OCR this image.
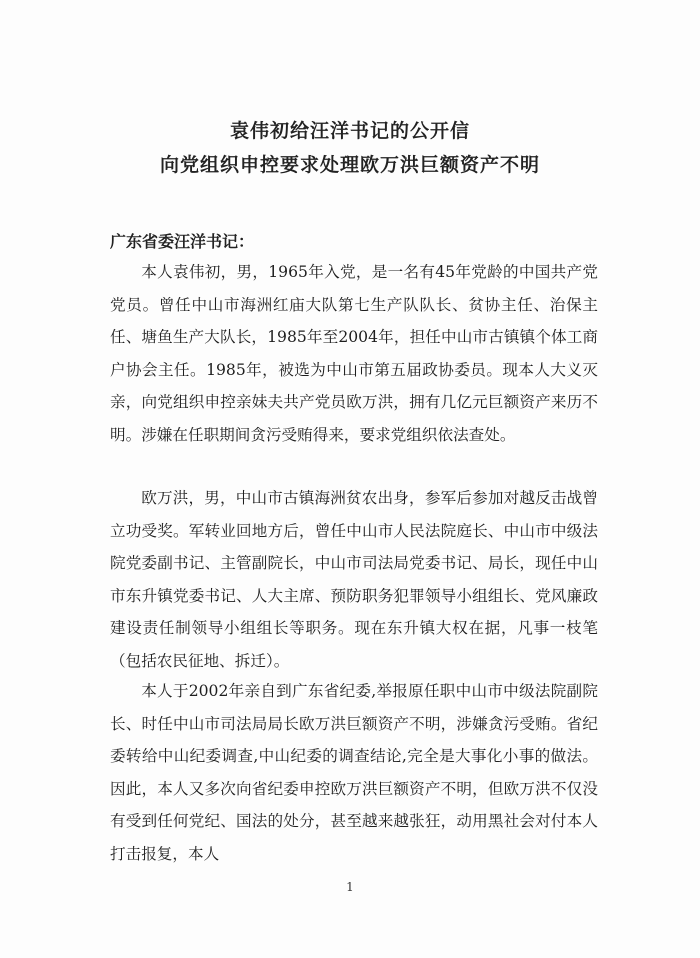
袁伟初给汪洋书记的公开信
向党组织申控要求处理欧万洪巨额资产不明
广东省委汪洋书记：

本人袁伟初，男，1965年入党，是一名有45年党龄的中国共产党党员。曾任中山市海洲红庙大队第七生产队队长、贫协主任、治保主任、塘鱼生产大队长，1985年至2004年，担任中山市古镇镇个体工商户协会主任。1985年，被选为中山市第五届政协委员。现本人大义灭亲，向党组织申控亲妹夫共产党员欧万洪，拥有几亿元巨额资产来历不明。涉嫌在任职期间贪污受贿得来，要求党组织依法查处。

欧万洪，男，中山市古镇海洲贫农出身，参军后参加对越反击战曾立功受奖。军转业回地方后，曾任中山市人民法院庭长、中山市中级法院党委副书记、主管副院长，中山市司法局党委书记、局长，现任中山市东升镇党委书记、人大主席、预防职务犯罪领导小组组长、党风廉政建设责任制领导小组组长等职务。现在东升镇大权在据，凡事一枝笔（包括农民征地、拆迁）。

本人于2002年亲自到广东省纪委,举报原任职中山市中级法院副院长、时任中山市司法局局长欧万洪巨额资产不明，涉嫌贪污受贿。省纪委转给中山纪委调查,中山纪委的调查结论,完全是大事化小事的做法。因此，本人又多次向省纪委申控欧万洪巨额资产不明，但欧万洪不仅没有受到任何党纪、国法的处分，甚至越来越张狂，动用黑社会对付本人打击报复，本人

1
